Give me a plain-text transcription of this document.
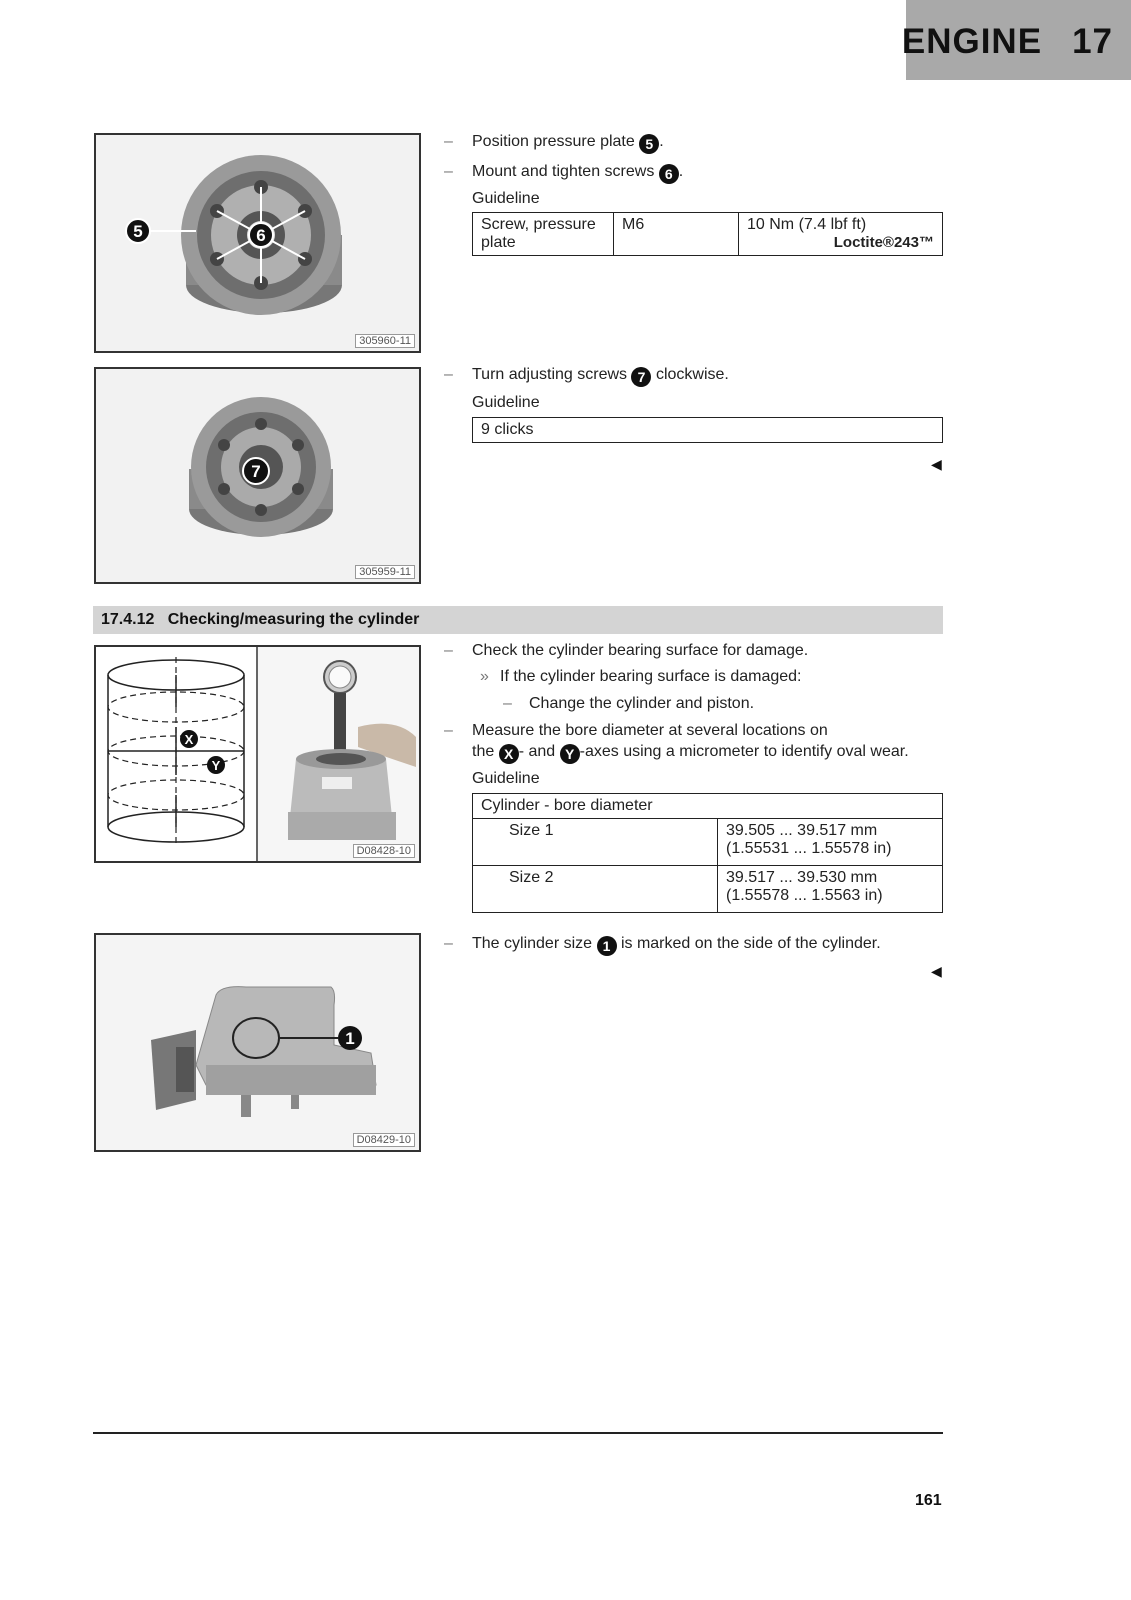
ENGINE 17
5	6
305960-11
– Position pressure plate 5 .
– Mount and tighten screws 6 .
Guideline
Screw, pressure plate	M6	10 Nm (7.4 lbf ft)
Loctite®243™
7
305959-11
– Turn adjusting screws 7 clockwise.
Guideline
9 clicks
◀
17.4.12 Checking/measuring the cylinder
X
Y
D08428-10
– Check the cylinder bearing surface for damage.
» If the cylinder bearing surface is damaged:
– Change the cylinder and piston.
– Measure the bore diameter at several locations on
the X - and Y -axes using a micrometer to identify oval wear.
Guideline
Cylinder - bore diameter	
Size 1	39.505 ... 39.517 mm
(1.55531 ... 1.55578 in)

Size 2	39.517 ... 39.530 mm
(1.55578 ... 1.5563 in)
1
D08429-10
– The cylinder size 1 is marked on the side of the cylinder.
◀
161
